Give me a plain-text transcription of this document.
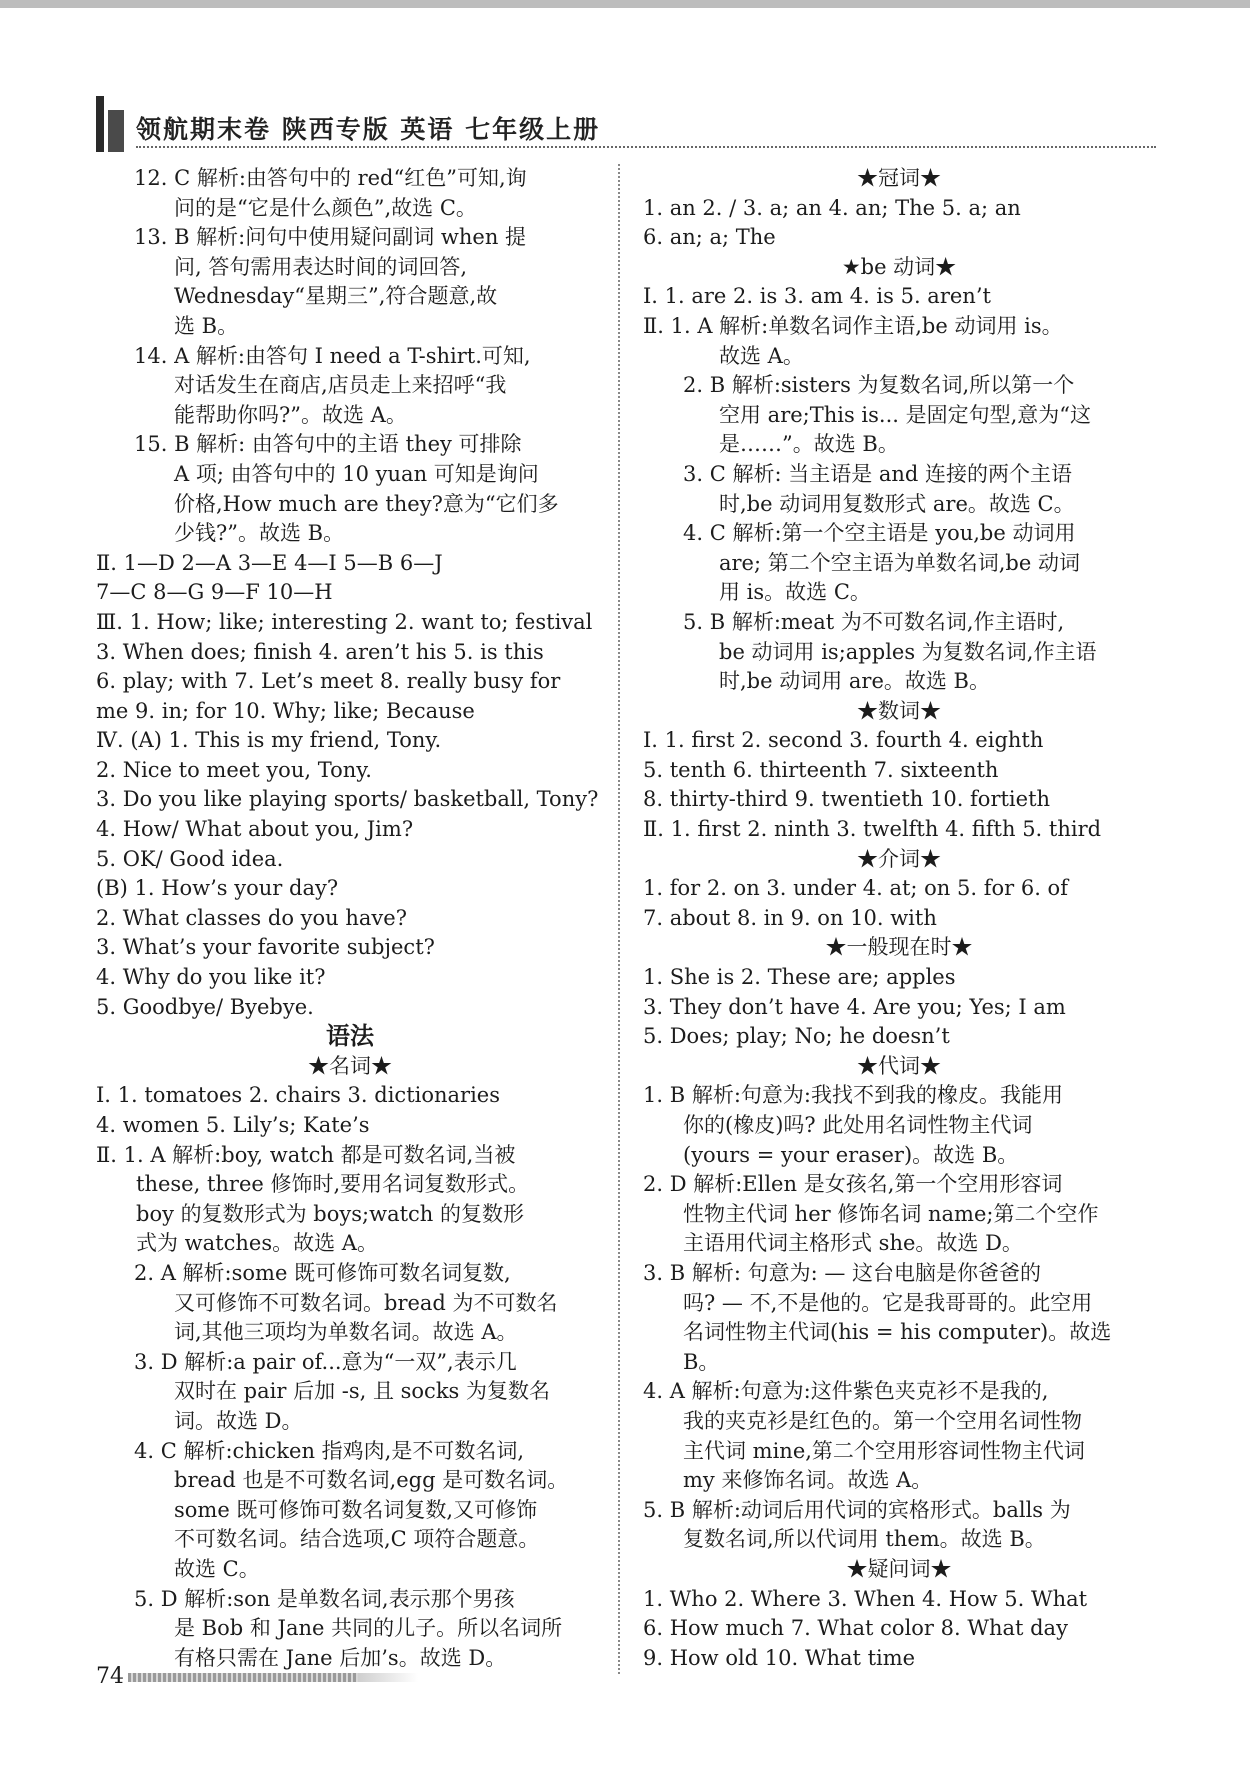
领航期末卷 陕西专版 英语 七年级上册
12. C 解析:由答句中的 red“红色”可知,询
问的是“它是什么颜色”,故选 C。
13. B 解析:问句中使用疑问副词 when 提
问, 答句需用表达时间的词回答,
Wednesday“星期三”,符合题意,故
选 B。
14. A 解析:由答句 I need a T-shirt.可知,
对话发生在商店,店员走上来招呼“我
能帮助你吗?”。故选 A。
15. B 解析: 由答句中的主语 they 可排除
A 项; 由答句中的 10 yuan 可知是询问
价格,How much are they?意为“它们多
少钱?”。故选 B。
Ⅱ. 1—D 2—A 3—E 4—I 5—B 6—J
7—C 8—G 9—F 10—H
Ⅲ. 1. How; like; interesting 2. want to; festival
3. When does; finish 4. aren’t his 5. is this
6. play; with 7. Let’s meet 8. really busy for
me 9. in; for 10. Why; like; Because
Ⅳ. (A) 1. This is my friend, Tony.
2. Nice to meet you, Tony.
3. Do you like playing sports/ basketball, Tony?
4. How/ What about you, Jim?
5. OK/ Good idea.
(B) 1. How’s your day?
2. What classes do you have?
3. What’s your favorite subject?
4. Why do you like it?
5. Goodbye/ Byebye.
语法
★名词★
Ⅰ. 1. tomatoes 2. chairs 3. dictionaries
4. women 5. Lily’s; Kate’s
Ⅱ. 1. A 解析:boy, watch 都是可数名词,当被
these, three 修饰时,要用名词复数形式。
boy 的复数形式为 boys;watch 的复数形
式为 watches。故选 A。
2. A 解析:some 既可修饰可数名词复数,
又可修饰不可数名词。bread 为不可数名
词,其他三项均为单数名词。故选 A。
3. D 解析:a pair of...意为“一双”,表示几
双时在 pair 后加 -s, 且 socks 为复数名
词。故选 D。
4. C 解析:chicken 指鸡肉,是不可数名词,
bread 也是不可数名词,egg 是可数名词。
some 既可修饰可数名词复数,又可修饰
不可数名词。结合选项,C 项符合题意。
故选 C。
5. D 解析:son 是单数名词,表示那个男孩
是 Bob 和 Jane 共同的儿子。所以名词所
有格只需在 Jane 后加’s。故选 D。
★冠词★
1. an 2. / 3. a; an 4. an; The 5. a; an
6. an; a; The
★be 动词★
Ⅰ. 1. are 2. is 3. am 4. is 5. aren’t
Ⅱ. 1. A 解析:单数名词作主语,be 动词用 is。
故选 A。
2. B 解析:sisters 为复数名词,所以第一个
空用 are;This is... 是固定句型,意为“这
是……”。故选 B。
3. C 解析: 当主语是 and 连接的两个主语
时,be 动词用复数形式 are。故选 C。
4. C 解析:第一个空主语是 you,be 动词用
are; 第二个空主语为单数名词,be 动词
用 is。故选 C。
5. B 解析:meat 为不可数名词,作主语时,
be 动词用 is;apples 为复数名词,作主语
时,be 动词用 are。故选 B。
★数词★
Ⅰ. 1. first 2. second 3. fourth 4. eighth
5. tenth 6. thirteenth 7. sixteenth
8. thirty-third 9. twentieth 10. fortieth
Ⅱ. 1. first 2. ninth 3. twelfth 4. fifth 5. third
★介词★
1. for 2. on 3. under 4. at; on 5. for 6. of
7. about 8. in 9. on 10. with
★一般现在时★
1. She is 2. These are; apples
3. They don’t have 4. Are you; Yes; I am
5. Does; play; No; he doesn’t
★代词★
1. B 解析:句意为:我找不到我的橡皮。我能用
你的(橡皮)吗? 此处用名词性物主代词
(yours = your eraser)。故选 B。
2. D 解析:Ellen 是女孩名,第一个空用形容词
性物主代词 her 修饰名词 name;第二个空作
主语用代词主格形式 she。故选 D。
3. B 解析: 句意为: — 这台电脑是你爸爸的
吗? — 不,不是他的。它是我哥哥的。此空用
名词性物主代词(his = his computer)。故选
B。
4. A 解析:句意为:这件紫色夹克衫不是我的,
我的夹克衫是红色的。第一个空用名词性物
主代词 mine,第二个空用形容词性物主代词
my 来修饰名词。故选 A。
5. B 解析:动词后用代词的宾格形式。balls 为
复数名词,所以代词用 them。故选 B。
★疑问词★
1. Who 2. Where 3. When 4. How 5. What
6. How much 7. What color 8. What day
9. How old 10. What time
74
